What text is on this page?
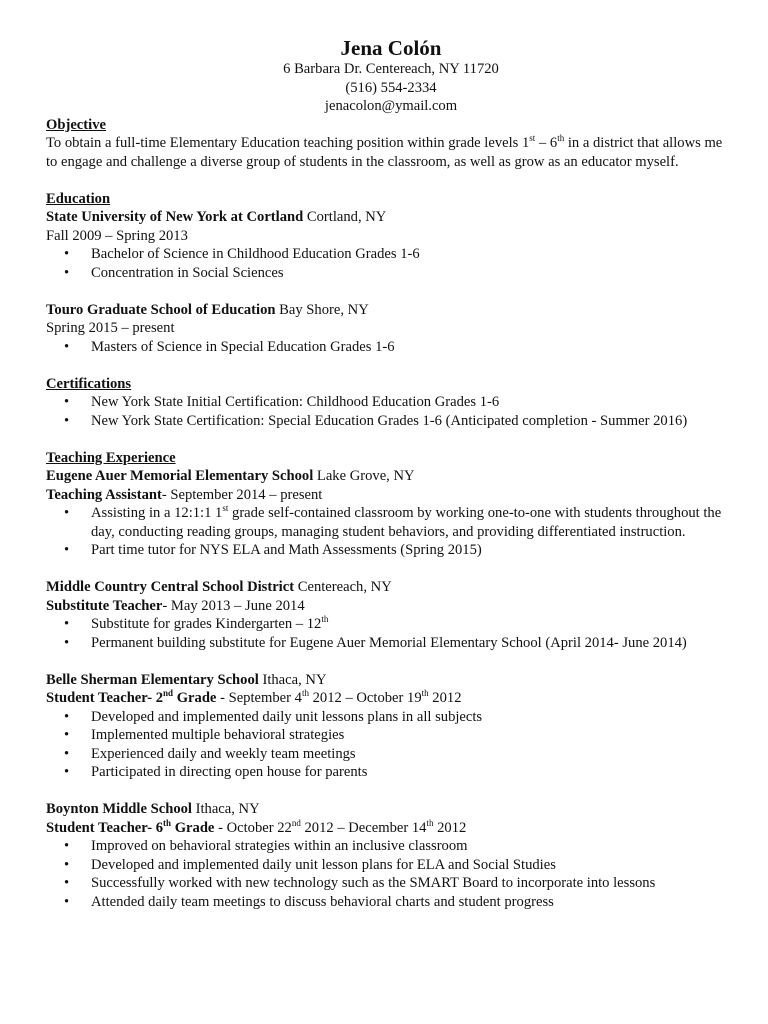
Jena Colón
6 Barbara Dr. Centereach, NY 11720
(516) 554-2334
jenacolon@ymail.com
Objective
To obtain a full-time Elementary Education teaching position within grade levels 1st – 6th in a district that allows me to engage and challenge a diverse group of students in the classroom, as well as grow as an educator myself.
Education
State University of New York at Cortland Cortland, NY
Fall 2009 – Spring 2013
• Bachelor of Science in Childhood Education Grades 1-6
• Concentration in Social Sciences
Touro Graduate School of Education Bay Shore, NY
Spring 2015 – present
• Masters of Science in Special Education Grades 1-6
Certifications
• New York State Initial Certification: Childhood Education Grades 1-6
• New York State Certification: Special Education Grades 1-6 (Anticipated completion - Summer 2016)
Teaching Experience
Eugene Auer Memorial Elementary School Lake Grove, NY
Teaching Assistant- September 2014 – present
• Assisting in a 12:1:1 1st grade self-contained classroom by working one-to-one with students throughout the day, conducting reading groups, managing student behaviors, and providing differentiated instruction.
• Part time tutor for NYS ELA and Math Assessments (Spring 2015)
Middle Country Central School District Centereach, NY
Substitute Teacher- May 2013 – June 2014
• Substitute for grades Kindergarten – 12th
• Permanent building substitute for Eugene Auer Memorial Elementary School (April 2014- June 2014)
Belle Sherman Elementary School Ithaca, NY
Student Teacher- 2nd Grade - September 4th 2012 – October 19th 2012
• Developed and implemented daily unit lessons plans in all subjects
• Implemented multiple behavioral strategies
• Experienced daily and weekly team meetings
• Participated in directing open house for parents
Boynton Middle School Ithaca, NY
Student Teacher- 6th Grade - October 22nd 2012 – December 14th 2012
• Improved on behavioral strategies within an inclusive classroom
• Developed and implemented daily unit lesson plans for ELA and Social Studies
• Successfully worked with new technology such as the SMART Board to incorporate into lessons
• Attended daily team meetings to discuss behavioral charts and student progress
